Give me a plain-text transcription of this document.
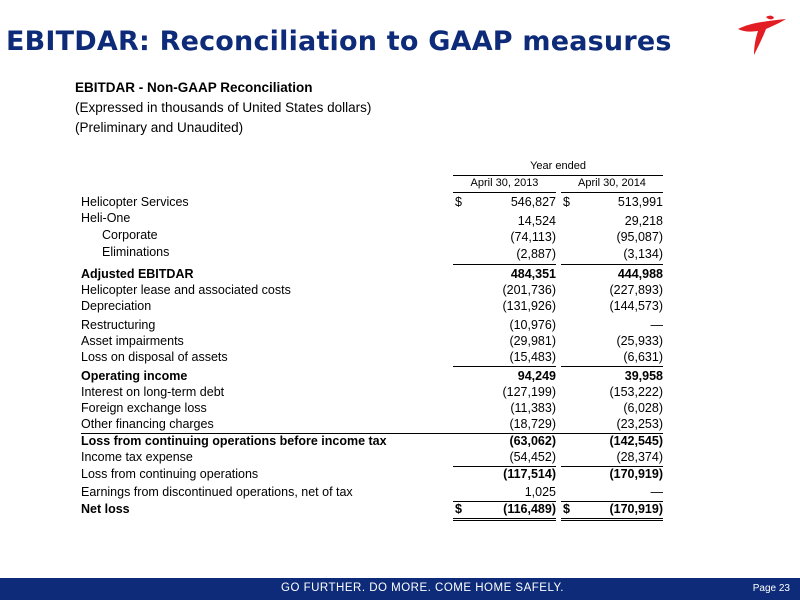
EBITDAR: Reconciliation to GAAP measures
EBITDAR - Non-GAAP Reconciliation
(Expressed in thousands of United States dollars)
(Preliminary and Unaudited)
Year ended
April 30, 2013	April 30, 2014
Helicopter Services	$	546,827 $	513,991
Heli-One	14,524	29,218
Corporate	(74,113)	(95,087)
Eliminations	(2,887)	(3,134)
Adjusted EBITDAR	484,351	444,988
Helicopter lease and associated costs	(201,736)	(227,893)
Depreciation	(131,926)	(144,573)
Restructuring	(10,976)	—
Asset impairments	(29,981)	(25,933)
Loss on disposal of assets	(15,483)	(6,631)
Operating income	94,249	39,958
Interest on long-term debt	(127,199)	(153,222)
Foreign exchange loss	(11,383)	(6,028)
Other financing charges	(18,729)	(23,253)
Loss from continuing operations before income tax	(63,062)	(142,545)
Income tax expense	(54,452)	(28,374)
Loss from continuing operations	(117,514)	(170,919)
Earnings from discontinued operations, net of tax	1,025	—
Net loss	$	(116,489) $	(170,919)
GO FURTHER. DO MORE. COME HOME SAFELY.	Page 23
